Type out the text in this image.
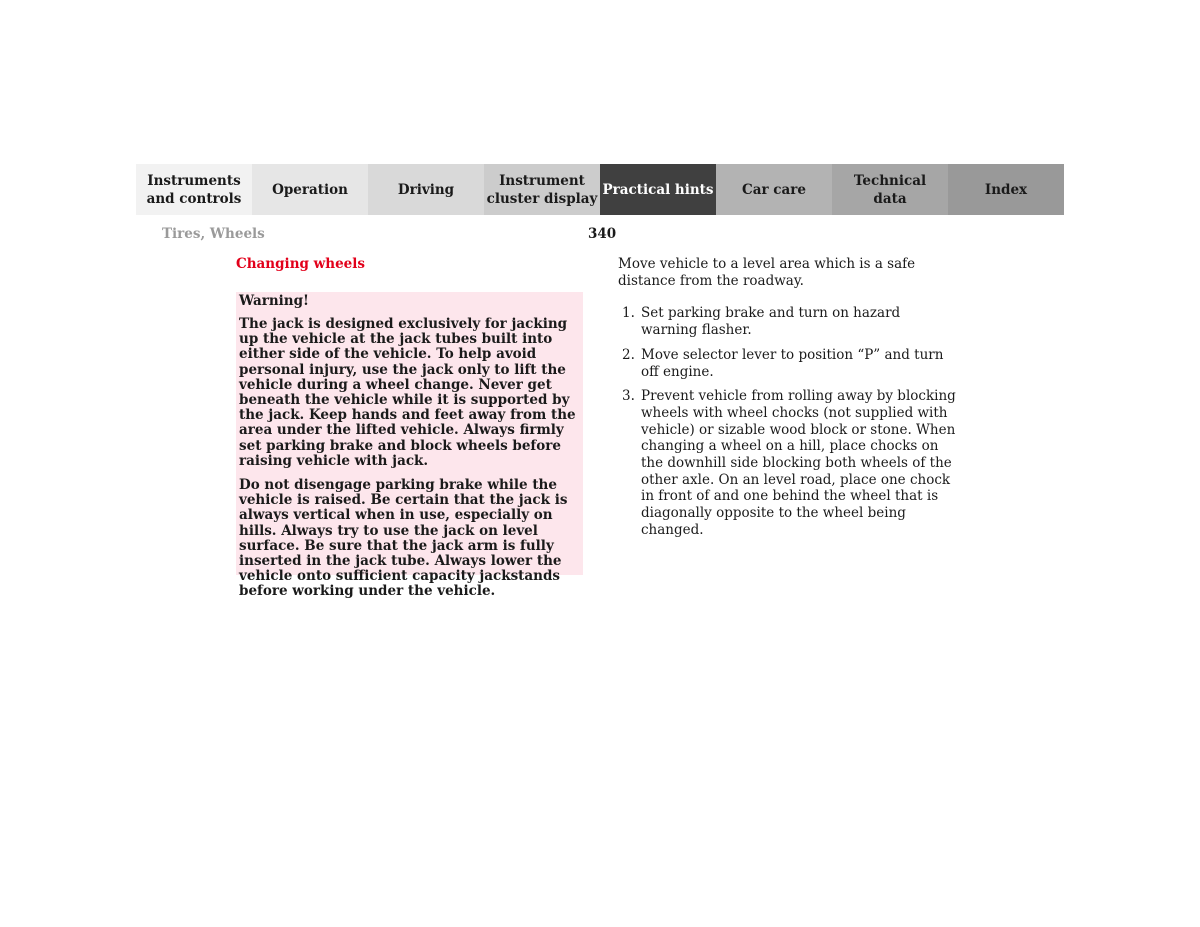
Instruments
and controls
Operation	Driving
Instrument
cluster display
Practical hints	Car care
Technical
data
Index
Tires, Wheels	340
Changing wheels

Warning!

The jack is designed exclusively for jacking up the vehicle at the jack tubes built into either side of the vehicle. To help avoid personal injury, use the jack only to lift the vehicle during a wheel change. Never get beneath the vehicle while it is supported by the jack. Keep hands and feet away from the area under the lifted vehicle. Always firmly set parking brake and block wheels before raising vehicle with jack.

Do not disengage parking brake while the vehicle is raised. Be certain that the jack is always vertical when in use, especially on hills. Always try to use the jack on level surface. Be sure that the jack arm is fully inserted in the jack tube. Always lower the vehicle onto sufficient capacity jackstands before working under the vehicle.

Move vehicle to a level area which is a safe distance from the roadway.

1. Set parking brake and turn on hazard warning flasher.
2. Move selector lever to position “P” and turn off engine.
3. Prevent vehicle from rolling away by blocking wheels with wheel chocks (not supplied with vehicle) or sizable wood block or stone. When changing a wheel on a hill, place chocks on the downhill side blocking both wheels of the other axle. On an level road, place one chock in front of and one behind the wheel that is diagonally opposite to the wheel being changed.
